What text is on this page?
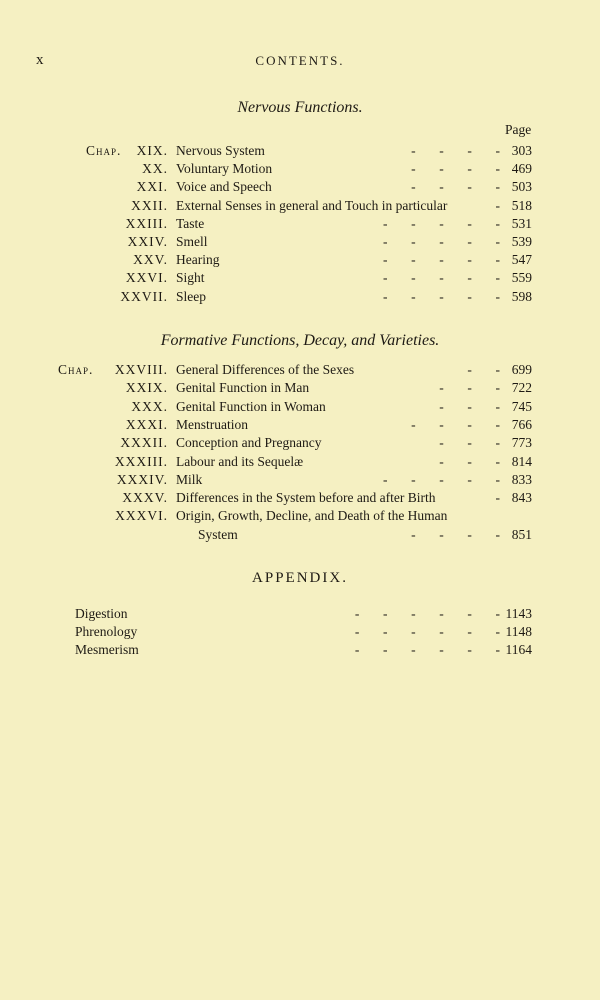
x	CONTENTS.
Nervous Functions.
Page
Chap. XIX. Nervous System	-       -       -       - 303
XX. Voluntary Motion	-       -       -       - 469
XXI. Voice and Speech	-       -       -       - 503
XXII. External Senses in general and Touch in particular	- 518
XXIII. Taste	-       -       -       -       - 531
XXIV. Smell	-       -       -       -       - 539
XXV. Hearing	-       -       -       -       - 547
XXVI. Sight	-       -       -       -       - 559
XXVII. Sleep	-       -       -       -       - 598
Formative Functions, Decay, and Varieties.
Chap. XXVIII. General Differences of the Sexes	-       - 699
XXIX. Genital Function in Man	-       -       - 722
XXX. Genital Function in Woman	-       -       - 745
XXXI. Menstruation	-       -       -       - 766
XXXII. Conception and Pregnancy	-       -       - 773
XXXIII. Labour and its Sequelæ	-       -       - 814
XXXIV. Milk	-       -       -       -       - 833
XXXV. Differences in the System before and after Birth	- 843
XXXVI. Origin, Growth, Decline, and Death of the Human
System	-       -       -       - 851
APPENDIX.
Digestion	-       -       -       -       -       - 1143
Phrenology	-       -       -       -       -       - 1148
Mesmerism	-       -       -       -       -       - 1164
